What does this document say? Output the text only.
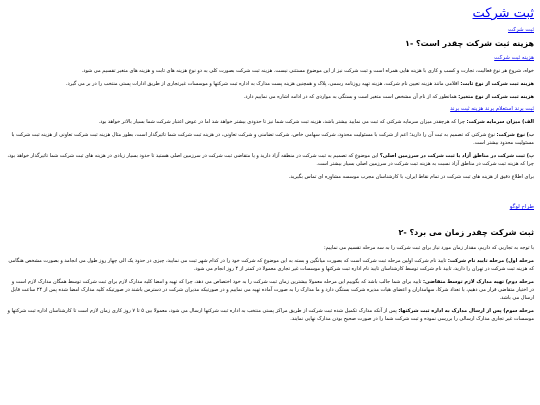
ثبت شرکت
ثبت شرکت
هزینه ثبت شرکت چقدر است؟ -۱
هزینه ثبت شرکت

خواه، شروع هر نوع فعالیت، تجارت و کسب و کاری با هزینه هایی همراه است و ثبت شرکت نیز از این موضوع مستثنی نیست. هزینه ثبت شرکت بصورت کلی به دو نوع هزینه های ثابت و هزینه های متغیر تقسیم می شود.

هزینه ثبت شرکت از نوع ثابت: اقلامی مانند هزینه تعیین نام شرکت، هزینه تهیه روزنامه رسمی، پلاک و همچنین هزینه پست مدارک به اداره ثبت شرکتها و موسسات غیرتجاری از طریق ادارات پستی منتخب را در بر می گیرد.

هزینه ثبت شرکت از نوع متغیر: همانطور که از نام آن مشخص است متغیر است و بستگی به مواردی که در ادامه اشاره می نماییم دارد.

ثبت برند استعلام برند هزینه ثبت برند

الف) میزان سرمایه شرکت: چرا که هرچقدر میزان سرمایه شرکتی که ثبت می نمایید بیشتر باشد، هزینه ثبت شرکت شما نیز تا حدودی بیشتر خواهد شد اما در عوض اعتبار شرکت شما بسیار بالاتر خواهد بود.

ب) نوع شرکت: نوع شرکتی که تصمیم به ثبت آن را دارید؛ اعم از شرکت با مسئولیت محدود، شرکت سهامی خاص، شرکت تضامنی و شرکت تعاونی، در هزینه ثبت شرکت شما تاثیرگذار است، بطور مثال هزینه ثبت شرکت تعاونی از هزینه ثبت شرکت با مسئولیت محدود بیشتر است.

پ) ثبت شرکت در مناطق آزاد یا ثبت شرکت در سرزمین اصلی؟ این موضوع که تصمیم به ثبت شرکت در منطقه آزاد دارید و یا متقاضی ثبت شرکت در سرزمین اصلی هستید تا حدود بسیار زیادی در هزینه های ثبت شرکت شما تاثیرگذار خواهد بود، چرا که هزینه ثبت شرکت در مناطق آزاد نسبت به هزینه ثبت شرکت در سرزمین اصلی بسیار بیشتر است.

برای اطلاع دقیق از هزینه های ثبت شرکت در تمام نقاط ایران، با کارشناسان مجرب موسسه مشاوره ای تماس بگیرید.

طراح لوگو
ثبت شرکت چقدر زمان می برد؟ -۲

با توجه به تجاربی که داریم، مقدار زمان مورد نیاز برای ثبت شرکت را به سه مرحله تقسیم می نماییم:

مرحله اول) مرحله تایید نام شرکت: تایید نام شرکت اولین مرحله ثبت شرکت است که بصورت میانگین و بسته به این موضوع که شرکت خود را در کدام شهر ثبت می نمایید، چیزی در حدود یک الی چهار روز طول می انجامد و بصورت مشخص هنگامی که هزینه ثبت شرکت در تهران را دارید، تایید نام شرکت توسط کارشناسان تایید نام اداره ثبت شرکتها و موسسات غیر تجاری معمولا در کمتر از ۴ روز انجام می شود.

مرحله دوم) تهیه مدارک لازم توسط متقاضی: تاییه برای شما جالب باشد که بگوییم این مرحله معمولا بیشترین زمان ثبت شرکت را به خود اختصاص می دهد، چرا که تهیه و امضا کلیه مدارک لازم برای ثبت شرکت توسط همگان مدارک لازم است و در اختیار متقاضی قرار می دهیم، با تعداد شرکا، سهامداران و اعضای هیات مدیره شرکت بستگی دارد و ما مدارک را به صورت آماده تهیه می نماییم و در صورتیکه مدیران شرکت در دسترس باشند در صورتیکه کلیه مدارک امضا شده پس از ۲۴ ساعت قابل ارسال می باشد.

مرحله سوم) پس از ارسال مدارک به اداره ثبت شرکتها: پس از آنکه مدارک تکمیل شده ثبت شرکت از طریق مراکز پستی منتخب به اداره ثبت شرکتها ارسال می شود، معمولا بین ۵ تا ۷ روز کاری زمان لازم است تا کارشناسان اداره ثبت شرکتها و موسسات غیر تجاری مدارک ارسالی را بررسی نموده و ثبت شرکت شما را در صورت صحیح بودن مدارک نهایی نمایند.
